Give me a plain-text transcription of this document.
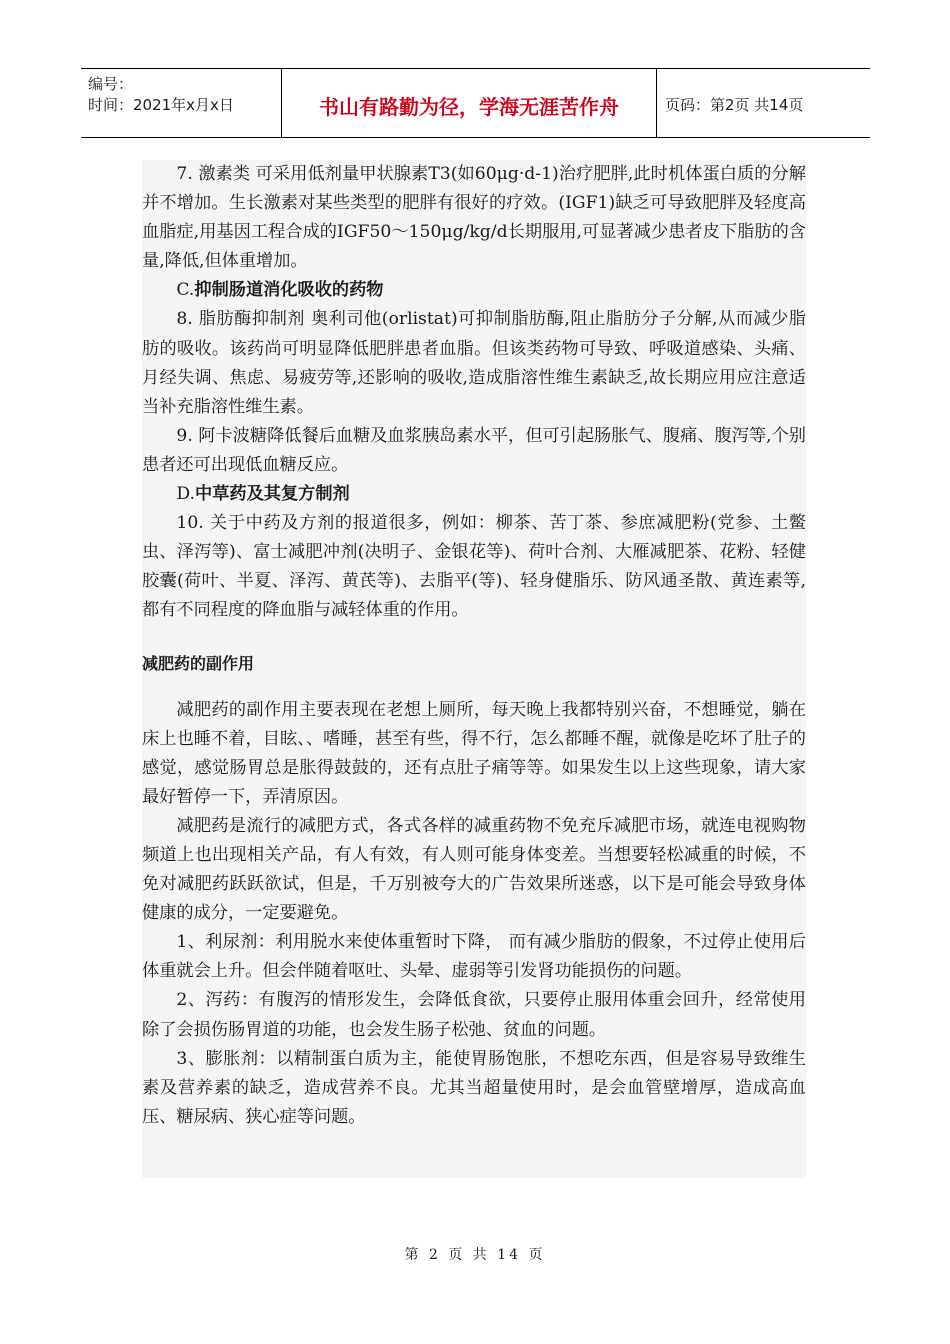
编号：
时间：2021年x月x日	书山有路勤为径，学海无涯苦作舟	页码：第2页 共14页

7. 激素类 可采用低剂量甲状腺素T3(如60μg·d-1)治疗肥胖,此时机体蛋白质的分解并不增加。生长激素对某些类型的肥胖有很好的疗效。(IGF1)缺乏可导致肥胖及轻度高血脂症,用基因工程合成的IGF50～150μg/kg/d长期服用,可显著减少患者皮下脂肪的含量,降低,但体重增加。

C.抑制肠道消化吸收的药物

8. 脂肪酶抑制剂 奥利司他(orlistat)可抑制脂肪酶,阻止脂肪分子分解,从而减少脂肪的吸收。该药尚可明显降低肥胖患者血脂。但该类药物可导致、呼吸道感染、头痛、月经失调、焦虑、易疲劳等,还影响的吸收,造成脂溶性维生素缺乏,故长期应用应注意适当补充脂溶性维生素。

9. 阿卡波糖降低餐后血糖及血浆胰岛素水平，但可引起肠胀气、腹痛、腹泻等,个别患者还可出现低血糖反应。

D.中草药及其复方制剂

10. 关于中药及方剂的报道很多，例如：柳茶、苦丁茶、参庶减肥粉(党参、土鳖虫、泽泻等)、富士减肥冲剂(决明子、金银花等)、荷叶合剂、大雁减肥茶、花粉、轻健胶囊(荷叶、半夏、泽泻、黄芪等)、去脂平(等)、轻身健脂乐、防风通圣散、黄连素等,都有不同程度的降血脂与减轻体重的作用。

减肥药的副作用

减肥药的副作用主要表现在老想上厕所，每天晚上我都特别兴奋，不想睡觉，躺在床上也睡不着，目眩、、嗜睡，甚至有些，得不行，怎么都睡不醒，就像是吃坏了肚子的感觉，感觉肠胃总是胀得鼓鼓的，还有点肚子痛等等。如果发生以上这些现象，请大家最好暂停一下，弄清原因。

减肥药是流行的减肥方式，各式各样的减重药物不免充斥减肥市场，就连电视购物频道上也出现相关产品，有人有效，有人则可能身体变差。当想要轻松减重的时候，不免对减肥药跃跃欲试，但是，千万别被夸大的广告效果所迷惑，以下是可能会导致身体健康的成分，一定要避免。

1、利尿剂：利用脱水来使体重暂时下降， 而有减少脂肪的假象，不过停止使用后体重就会上升。但会伴随着呕吐、头晕、虚弱等引发肾功能损伤的问题。

2、泻药：有腹泻的情形发生，会降低食欲，只要停止服用体重会回升，经常使用除了会损伤肠胃道的功能，也会发生肠子松弛、贫血的问题。

3、膨胀剂：以精制蛋白质为主，能使胃肠饱胀，不想吃东西，但是容易导致维生素及营养素的缺乏，造成营养不良。尤其当超量使用时，是会血管壁增厚，造成高血压、糖尿病、狭心症等问题。

第 2 页 共 14 页
